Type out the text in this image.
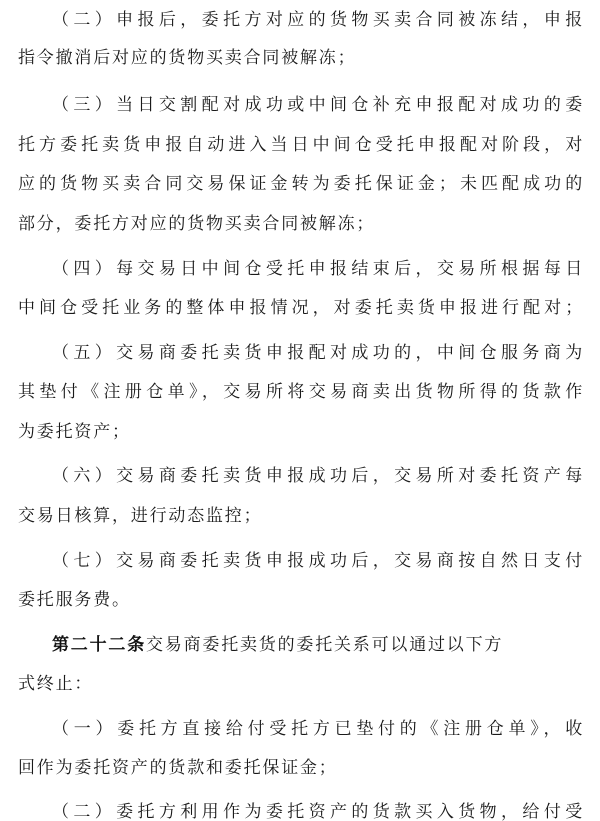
（二）申报后，委托方对应的货物买卖合同被冻结，申报
指令撤消后对应的货物买卖合同被解冻；
（三）当日交割配对成功或中间仓补充申报配对成功的委
托方委托卖货申报自动进入当日中间仓受托申报配对阶段，对
应的货物买卖合同交易保证金转为委托保证金；未匹配成功的
部分，委托方对应的货物买卖合同被解冻；
（四）每交易日中间仓受托申报结束后，交易所根据每日
中间仓受托业务的整体申报情况，对委托卖货申报进行配对；
（五）交易商委托卖货申报配对成功的，中间仓服务商为
其垫付《注册仓单》，交易所将交易商卖出货物所得的货款作
为委托资产；
（六）交易商委托卖货申报成功后，交易所对委托资产每
交易日核算，进行动态监控；
（七）交易商委托卖货申报成功后，交易商按自然日支付
委托服务费。
第二十二条交易商委托卖货的委托关系可以通过以下方
式终止：
（一）委托方直接给付受托方已垫付的《注册仓单》，收
回作为委托资产的货款和委托保证金；
（二）委托方利用作为委托资产的货款买入货物，给付受
